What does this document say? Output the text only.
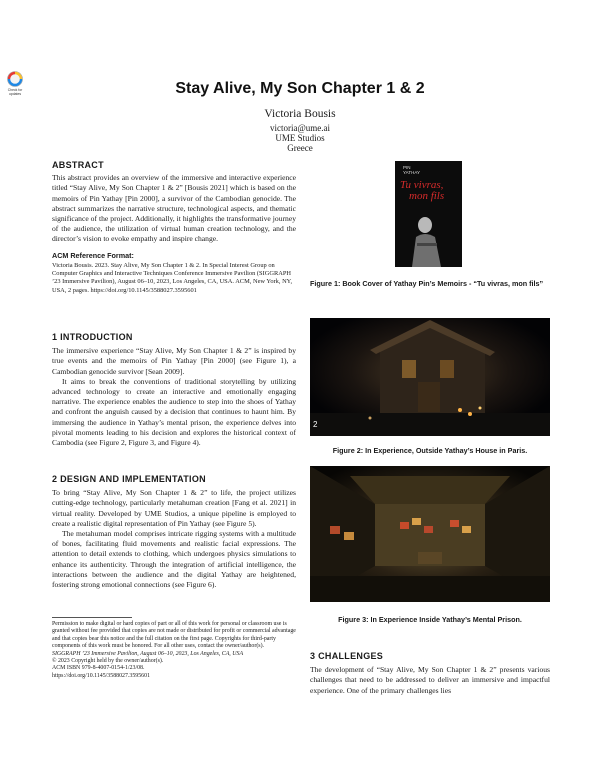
Check for updates	Stay Alive, My Son Chapter 1 & 2
Victoria Bousis
victoria@ume.ai
UME Studios
Greece
ABSTRACT

This abstract provides an overview of the immersive and interactive experience titled “Stay Alive, My Son Chapter 1 & 2” [Bousis 2021] which is based on the memoirs of Pin Yathay [Pin 2000], a survivor of the Cambodian genocide. The abstract summarizes the narrative structure, technological aspects, and thematic significance of the project. Additionally, it highlights the transformative journey of the audience, the utilization of virtual human creation technology, and the director’s vision to evoke empathy and inspire change.

ACM Reference Format:

Victoria Bousis. 2023. Stay Alive, My Son Chapter 1 & 2. In Special Interest Group on Computer Graphics and Interactive Techniques Conference Immersive Pavilion (SIGGRAPH ’23 Immersive Pavilion), August 06–10, 2023, Los Angeles, CA, USA. ACM, New York, NY, USA, 2 pages. https://doi.org/10.1145/3588027.3595601

1 INTRODUCTION

The immersive experience “Stay Alive, My Son Chapter 1 & 2” is inspired by true events and the memoirs of Pin Yathay [Pin 2000] (see Figure 1), a Cambodian genocide survivor [Sean 2009].

It aims to break the conventions of traditional storytelling by utilizing advanced technology to create an interactive and emotionally engaging narrative. The experience enables the audience to step into the shoes of Yathay and confront the anguish caused by a decision that continues to haunt him. By immersing the audience in Yathay’s mental prison, the experience delves into pivotal moments leading to his decision and explores the historical context of Cambodia (see Figure 2, Figure 3, and Figure 4).

2 DESIGN AND IMPLEMENTATION

To bring “Stay Alive, My Son Chapter 1 & 2” to life, the project utilizes cutting-edge technology, particularly metahuman creation [Fang et al. 2021] in virtual reality. Developed by UME Studios, a unique pipeline is employed to create a realistic digital representation of Pin Yathay (see Figure 5).

The metahuman model comprises intricate rigging systems with a multitude of bones, facilitating fluid movements and realistic facial expressions. The attention to detail extends to clothing, which undergoes physics simulations to enhance its authenticity. Through the integration of artificial intelligence, the interactions between the audience and the digital Yathay are heightened, fostering strong emotional connections (see Figure 6).

Permission to make digital or hard copies of part or all of this work for personal or classroom use is granted without fee provided that copies are not made or distributed for profit or commercial advantage and that copies bear this notice and the full citation on the first page. Copyrights for third-party components of this work must be honored. For all other uses, contact the owner/author(s).

SIGGRAPH ’23 Immersive Pavilion, August 06–10, 2023, Los Angeles, CA, USA

© 2023 Copyright held by the owner/author(s).

ACM ISBN 979-8-4007-0154-1/23/08.

https://doi.org/10.1145/3588027.3595601

PIN
YATHAY
Tu vivras,
mon fils
Figure 1: Book Cover of Yathay Pin’s Memoirs - “Tu vivras, mon fils”
2
Figure 2: In Experience, Outside Yathay’s House in Paris.
Figure 3: In Experience Inside Yathay’s Mental Prison.
3 CHALLENGES

The development of “Stay Alive, My Son Chapter 1 & 2” presents various challenges that need to be addressed to deliver an immersive and impactful experience. One of the primary challenges lies
